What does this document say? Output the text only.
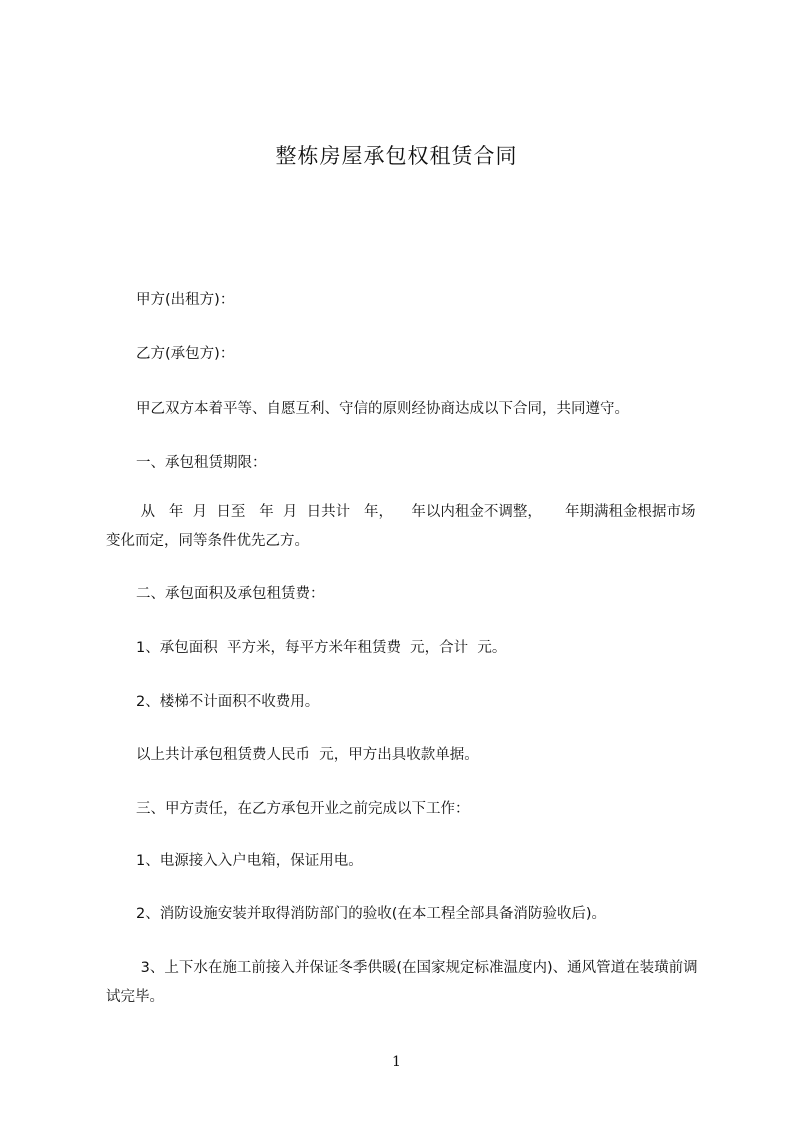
整栋房屋承包权租赁合同

甲方(出租方)：

乙方(承包方)：

甲乙双方本着平等、自愿互利、守信的原则经协商达成以下合同，共同遵守。

一、承包租赁期限：

从   年  月  日至   年  月  日共计   年，    年以内租金不调整，     年期满租金根据市场变化而定，同等条件优先乙方。

二、承包面积及承包租赁费：

1、承包面积  平方米，每平方米年租赁费  元，合计  元。

2、楼梯不计面积不收费用。

以上共计承包租赁费人民币  元，甲方出具收款单据。

三、甲方责任，在乙方承包开业之前完成以下工作：

1、电源接入入户电箱，保证用电。

2、消防设施安装并取得消防部门的验收(在本工程全部具备消防验收后)。

3、上下水在施工前接入并保证冬季供暖(在国家规定标准温度内)、通风管道在装璜前调试完毕。

1
